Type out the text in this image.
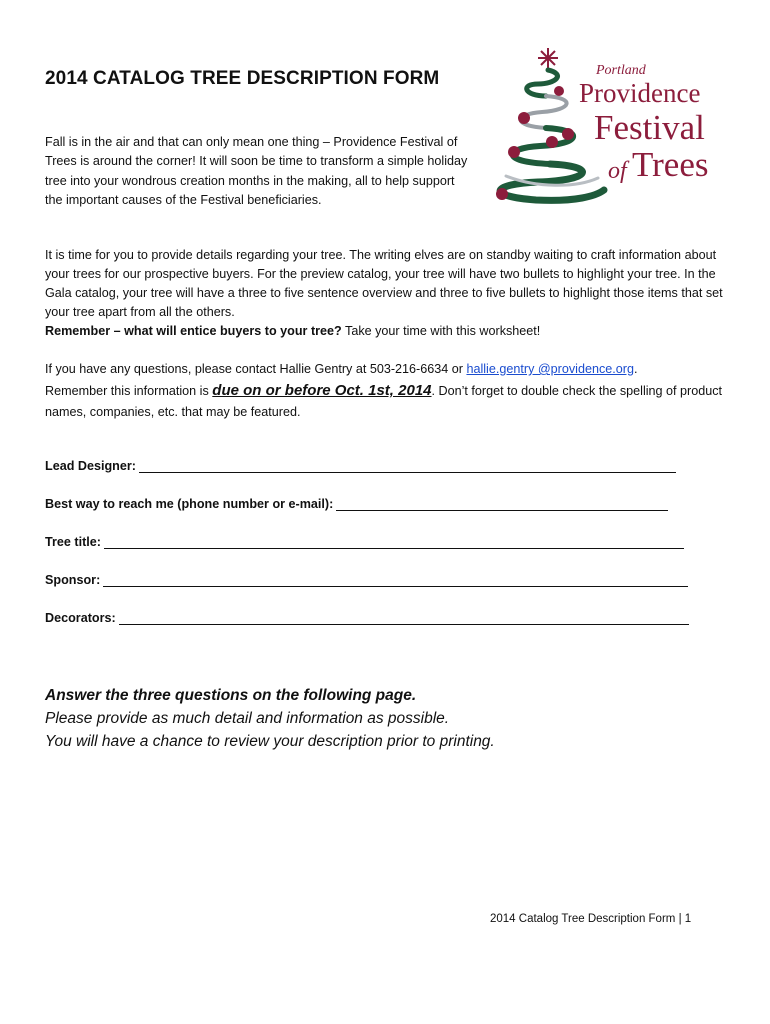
2014 CATALOG TREE DESCRIPTION FORM	Portland
Providence
Festival
of Trees

Fall is in the air and that can only mean one thing – Providence Festival of Trees is around the corner! It will soon be time to transform a simple holiday tree into your wondrous creation months in the making, all to help support the important causes of the Festival beneficiaries.

It is time for you to provide details regarding your tree. The writing elves are on standby waiting to craft information about your trees for our prospective buyers. For the preview catalog, your tree will have two bullets to highlight your tree. In the Gala catalog, your tree will have a three to five sentence overview and three to five bullets to highlight those items that set your tree apart from all the others.
Remember – what will entice buyers to your tree? Take your time with this worksheet!

If you have any questions, please contact Hallie Gentry at 503-216-6634 or hallie.gentry @providence.org.
Remember this information is due on or before Oct. 1st, 2014. Don’t forget to double check the spelling of product names, companies, etc. that may be featured.

Lead Designer:
Best way to reach me (phone number or e-mail):
Tree title:
Sponsor:
Decorators:

Answer the three questions on the following page.
Please provide as much detail and information as possible.
You will have a chance to review your description prior to printing.

2014 Catalog Tree Description Form | 1
